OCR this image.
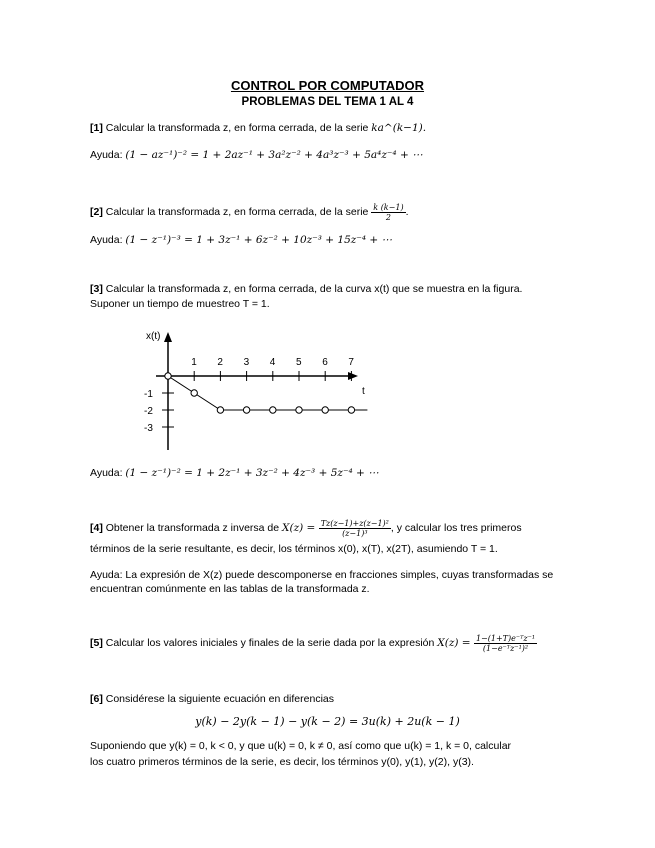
CONTROL POR COMPUTADOR
PROBLEMAS DEL TEMA 1 AL 4
[1] Calcular la transformada z, en forma cerrada, de la serie ka^(k−1).
Ayuda: (1 − az⁻¹)⁻² = 1 + 2az⁻¹ + 3a²z⁻² + 4a³z⁻³ + 5a⁴z⁻⁴ + ⋯
[2] Calcular la transformada z, en forma cerrada, de la serie $\frac{k (k-1)}{2}$ .
Ayuda: (1 − z⁻¹)⁻³ = 1 + 3z⁻¹ + 6z⁻² + 10z⁻³ + 15z⁻⁴ + ⋯
[3] Calcular la transformada z, en forma cerrada, de la curva x(t) que se muestra en la figura.
Suponer un tiempo de muestreo T = 1.
x(t)
t
1 2 3 4 5 6 7
-1
-2
-3
Ayuda: (1 − z⁻¹)⁻² = 1 + 2z⁻¹ + 3z⁻² + 4z⁻³ + 5z⁻⁴ + ⋯
[4] Obtener la transformada z inversa de $X(z) = \frac{\text{Tz(z−1)+z(z−1)²}}{\text{(z−1)³}}$ , y calcular los tres primeros
términos de la serie resultante, es decir, los términos x(0), x(T), x(2T), asumiendo T = 1.
Ayuda: La expresión de X(z) puede descomponerse en fracciones simples, cuyas transformadas se
encuentran comúnmente en las tablas de la transformada z.
[5] Calcular los valores iniciales y finales de la serie dada por la expresión $X(z) = \frac{\text{1−(1+T)e⁻ᵀz⁻¹}}{\text{(1−e⁻ᵀz⁻¹)²}}$
[6] Considérese la siguiente ecuación en diferencias
y(k) − 2y(k − 1) − y(k − 2) = 3u(k) + 2u(k − 1)
Suponiendo que y(k) = 0, k < 0, y que u(k) = 0, k ≠ 0, así como que u(k) = 1, k = 0, calcular
los cuatro primeros términos de la serie, es decir, los términos y(0), y(1), y(2), y(3).
